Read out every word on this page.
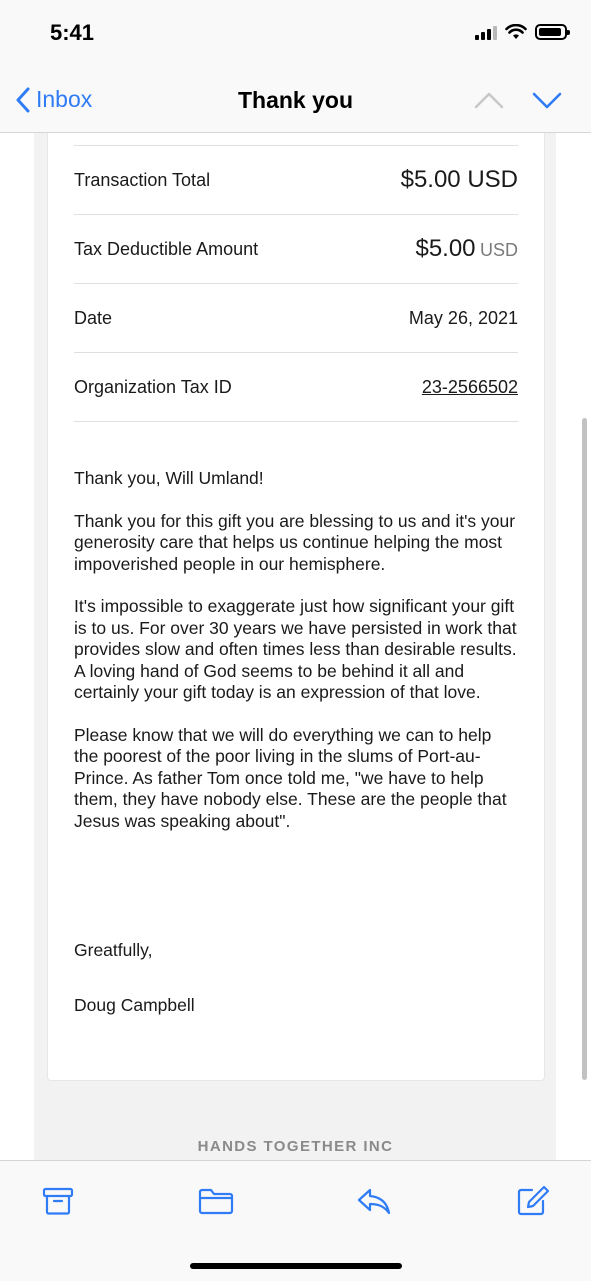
5:41
Inbox	Thank you
Transaction Total	$5.00 USD
Tax Deductible Amount	$5.00 USD
Date	May 26, 2021
Organization Tax ID	23-2566502

Thank you, Will Umland!

Thank you for this gift you are blessing to us and it's your generosity care that helps us continue helping the most impoverished people in our hemisphere.

It's impossible to exaggerate just how significant your gift is to us. For over 30 years we have persisted in work that provides slow and often times less than desirable results. A loving hand of God seems to be behind it all and certainly your gift today is an expression of that love.

Please know that we will do everything we can to help the poorest of the poor living in the slums of Port-au-Prince. As father Tom once told me, "we have to help them, they have nobody else. These are the people that Jesus was speaking about".

Greatfully,
Doug Campbell
HANDS TOGETHER INC
